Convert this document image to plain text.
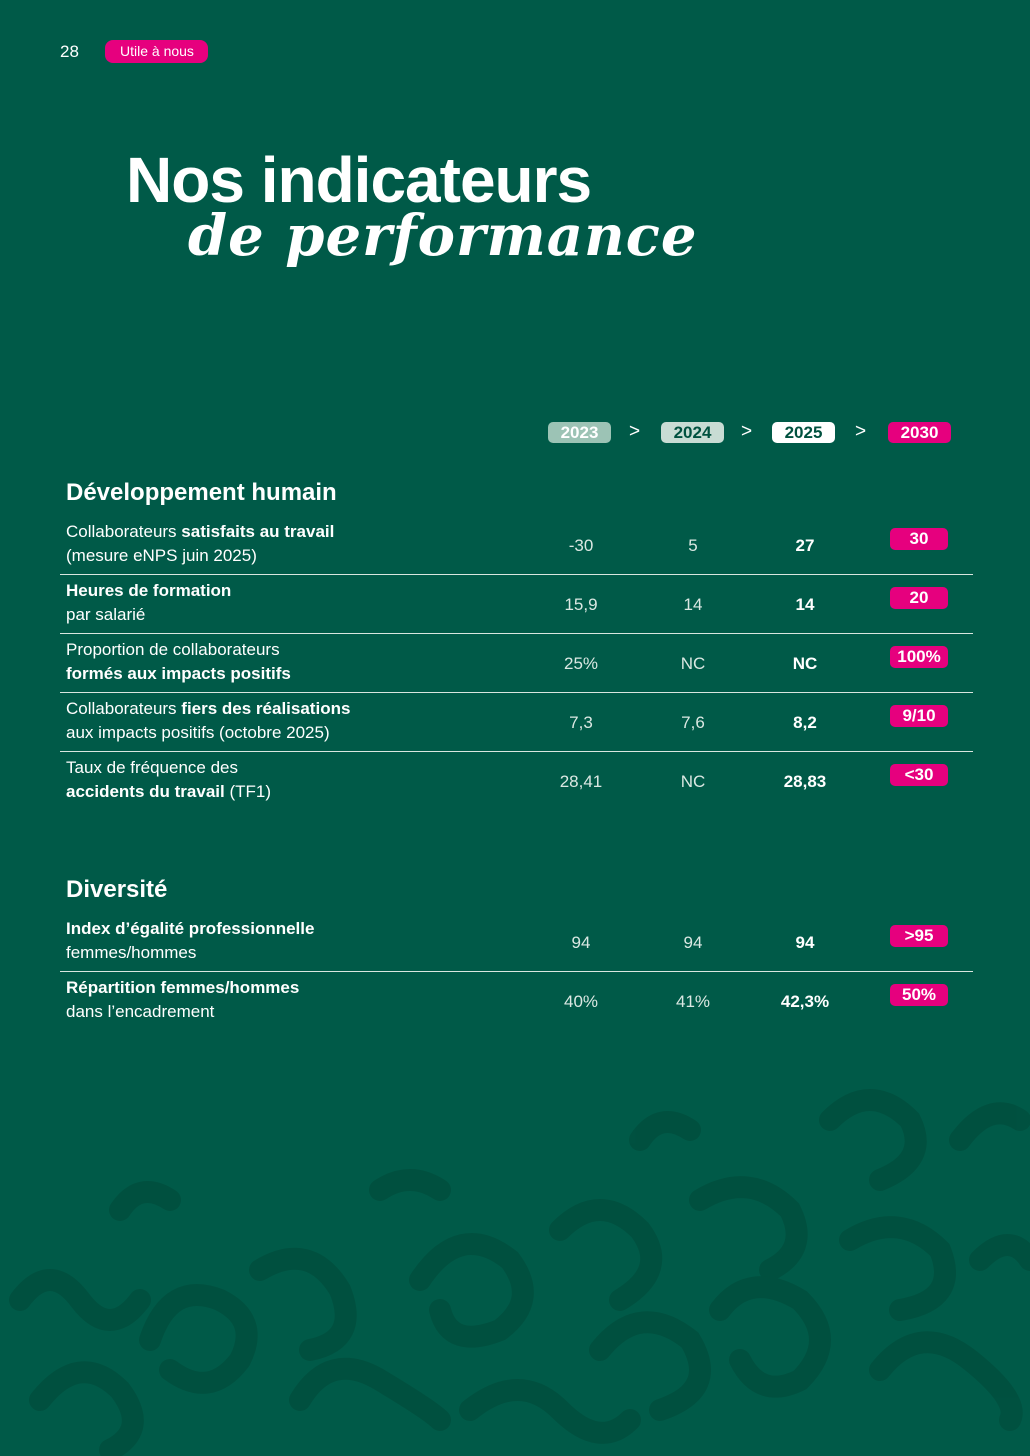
28	Utile à nous
Nos indicateurs
de performance
2023	>	2024	>	2025	>	2030
Développement humain
Collaborateurs satisfaits au travail
(mesure eNPS juin 2025)
-30	5	27	30
Heures de formation
par salarié
15,9	14	14	20
Proportion de collaborateurs
formés aux impacts positifs
25%	NC	NC	100%
Collaborateurs fiers des réalisations
aux impacts positifs (octobre 2025)
7,3	7,6	8,2	9/10
Taux de fréquence des
accidents du travail (TF1)
28,41	NC	28,83	<30
Diversité
Index d’égalité professionnelle
femmes/hommes
94	94	94	>95
Répartition femmes/hommes
dans l’encadrement
40%	41%	42,3%	50%
